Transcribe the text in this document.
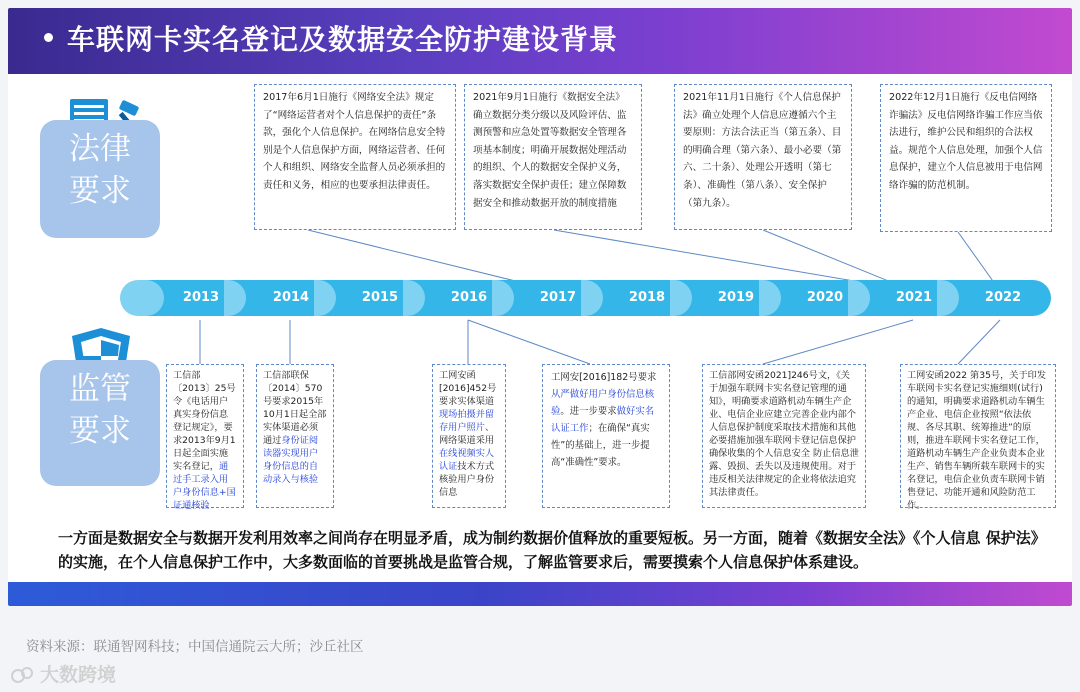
车联网卡实名登记及数据安全防护建设背景
法律
要求
监管
要求
2017年6月1日施行《网络安全法》规定了“网络运营者对个人信息保护的责任”条款，强化个人信息保护。在网络信息安全特别是个人信息保护方面，网络运营者、任何个人和组织、网络安全监督人员必须承担的责任和义务，相应的也要承担法律责任。
2021年9月1日施行《数据安全法》确立数据分类分级以及风险评估、监测预警和应急处置等数据安全管理各项基本制度；明确开展数据处理活动的组织、个人的数据安全保护义务，落实数据安全保护责任；建立保障数据安全和推动数据开放的制度措施
2021年11月1日施行《个人信息保护法》确立处理个人信息应遵循六个主要原则：方法合法正当（第五条）、目的明确合理（第六条）、最小必要（第六、二十条）、处理公开透明（第七条）、准确性（第八条）、安全保护（第九条）。
2022年12月1日施行《反电信网络诈骗法》反电信网络诈骗工作应当依法进行，维护公民和组织的合法权益。规范个人信息处理，加强个人信息保护，建立个人信息被用于电信网络诈骗的防范机制。
2013	2014	2015	2016	2017	2018	2019	2020	2021	2022
工信部〔2013〕25号令《电话用户真实身份信息登记规定》，要求2013年9月1日起全面实施实名登记，通过手工录入用户身份信息+国证通核验
工信部联保〔2014〕570号要求2015年10月1日起全部实体渠道必须通过身份证阅读器实现用户身份信息的自动录入与核验
工网安函[2016]452号要求实体渠道现场拍摄并留存用户照片、网络渠道采用在线视频实人认证技术方式核验用户身份信息
工网安[2016]182号要求从严做好用户身份信息核验。进一步要求做好实名认证工作；在确保“真实性”的基础上，进一步提高“准确性”要求。
工信部网安函2021]246号文，《关于加强车联网卡实名登记管理的通知》，明确要求道路机动车辆生产企业、电信企业应建立完善企业内部个人信息保护制度采取技术措施和其他必要措施加强车联网卡登记信息保护确保收集的个人信息安全 防止信息泄露、毁损、丢失以及违规使用。对于违反相关法律规定的企业将依法追究其法律责任。
工网安函2022 第35号，关于印发车联网卡实名登记实施细则(试行)的通知，明确要求道路机动车辆生产企业、电信企业按照“依法依规、各尽其职、统筹推进”的原则，推进车联网卡实名登记工作，道路机动车辆生产企业负责本企业生产、销售车辆所载车联网卡的实名登记，电信企业负责车联网卡销售登记、功能开通和风险防范工作。
一方面是数据安全与数据开发利用效率之间尚存在明显矛盾，成为制约数据价值释放的重要短板。另一方面，随着《数据安全法》《个人信息 保护法》的实施，在个人信息保护工作中，大多数面临的首要挑战是监管合规，了解监管要求后，需要摸索个人信息保护体系建设。
资料来源：联通智网科技；中国信通院云大所；沙丘社区
大数跨境
